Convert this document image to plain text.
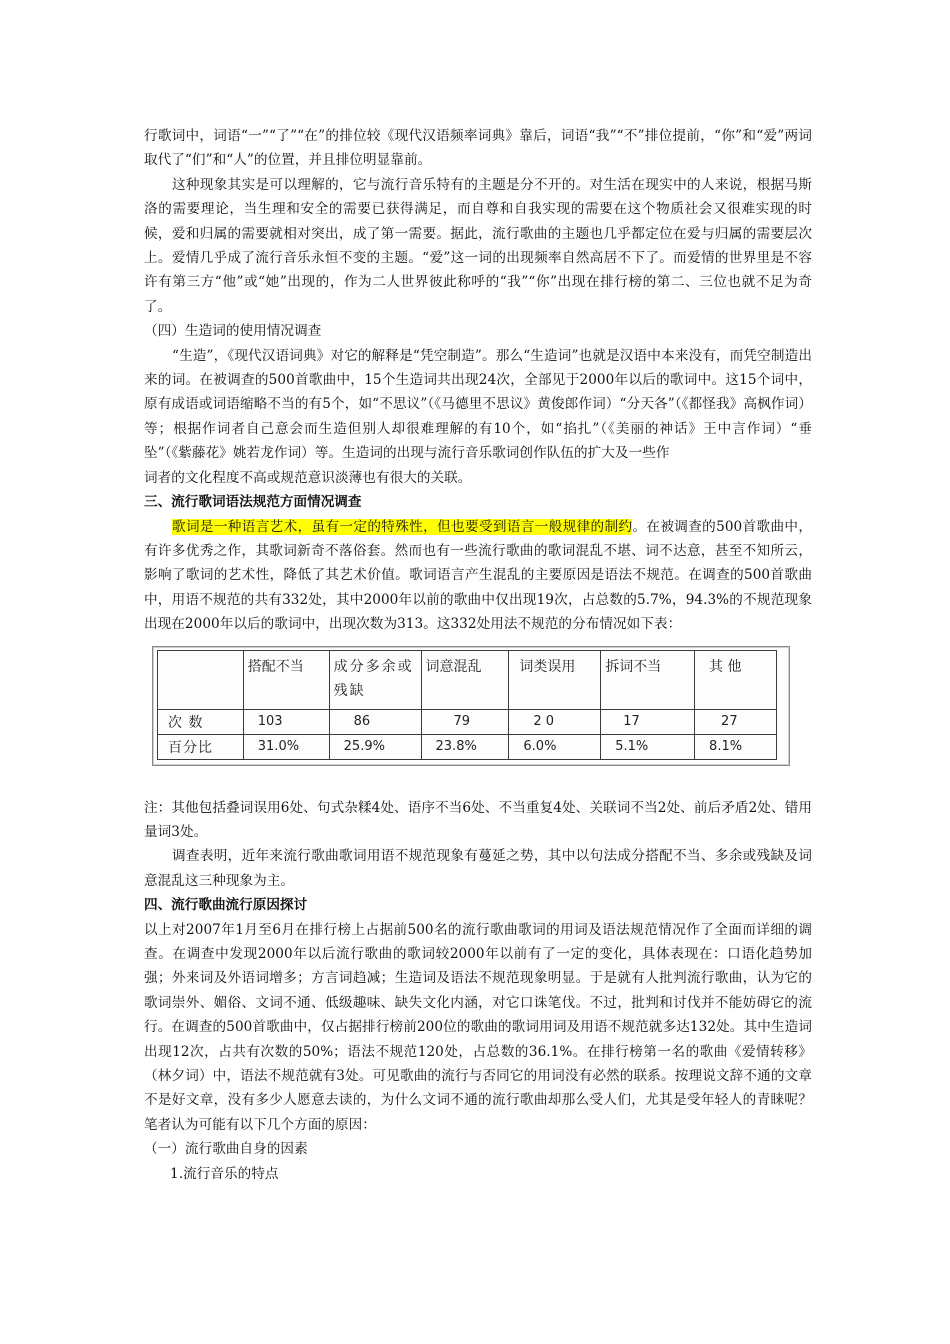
行歌词中，词语“一”“了”“在”的排位较《现代汉语频率词典》靠后，词语“我”“不”排位提前，“你”和“爱”两词取代了“们”和“人”的位置，并且排位明显靠前。

这种现象其实是可以理解的，它与流行音乐特有的主题是分不开的。对生活在现实中的人来说，根据马斯洛的需要理论，当生理和安全的需要已获得满足，而自尊和自我实现的需要在这个物质社会又很难实现的时候，爱和归属的需要就相对突出，成了第一需要。据此，流行歌曲的主题也几乎都定位在爱与归属的需要层次上。爱情几乎成了流行音乐永恒不变的主题。“爱”这一词的出现频率自然高居不下了。而爱情的世界里是不容许有第三方“他”或“她”出现的，作为二人世界彼此称呼的“我”“你”出现在排行榜的第二、三位也就不足为奇了。

（四）生造词的使用情况调查

“生造”，《现代汉语词典》对它的解释是“凭空制造”。那么“生造词”也就是汉语中本来没有，而凭空制造出来的词。在被调查的500首歌曲中，15个生造词共出现24次，全部见于2000年以后的歌词中。这15个词中，原有成语或词语缩略不当的有5个，如“不思议”（《马德里不思议》黄俊郎作词）“分天各”（《都怪我》高枫作词）等；根据作词者自己意会而生造但别人却很难理解的有10个，如“掐扎”（《美丽的神话》王中言作词）“垂坠”（《紫藤花》姚若龙作词）等。生造词的出现与流行音乐歌词创作队伍的扩大及一些作

词者的文化程度不高或规范意识淡薄也有很大的关联。

三、流行歌词语法规范方面情况调查

歌词是一种语言艺术，虽有一定的特殊性，但也要受到语言一般规律的制约。在被调查的500首歌曲中，有许多优秀之作，其歌词新奇不落俗套。然而也有一些流行歌曲的歌词混乱不堪、词不达意，甚至不知所云，影响了歌词的艺术性，降低了其艺术价值。歌词语言产生混乱的主要原因是语法不规范。在调查的500首歌曲中，用语不规范的共有332处，其中2000年以前的歌曲中仅出现19次，占总数的5.7%，94.3%的不规范现象出现在2000年以后的歌词中，出现次数为313。这332处用法不规范的分布情况如下表：

	搭配不当	成分多余或残缺	词意混乱	词类误用	拆词不当	其 他
次 数	103	86	79	2 0	17	27
百分比	31.0%	25.9%	23.8%	6.0%	5.1%	8.1%

注：其他包括叠词误用6处、句式杂糅4处、语序不当6处、不当重复4处、关联词不当2处、前后矛盾2处、错用量词3处。

调查表明，近年来流行歌曲歌词用语不规范现象有蔓延之势，其中以句法成分搭配不当、多余或残缺及词意混乱这三种现象为主。

四、流行歌曲流行原因探讨

以上对2007年1月至6月在排行榜上占据前500名的流行歌曲歌词的用词及语法规范情况作了全面而详细的调查。在调查中发现2000年以后流行歌曲的歌词较2000年以前有了一定的变化，具体表现在：口语化趋势加强；外来词及外语词增多；方言词趋减；生造词及语法不规范现象明显。于是就有人批判流行歌曲，认为它的歌词崇外、媚俗、文词不通、低级趣味、缺失文化内涵，对它口诛笔伐。不过，批判和讨伐并不能妨碍它的流行。在调查的500首歌曲中，仅占据排行榜前200位的歌曲的歌词用词及用语不规范就多达132处。其中生造词出现12次，占共有次数的50%；语法不规范120处，占总数的36.1%。在排行榜第一名的歌曲《爱情转移》（林夕词）中，语法不规范就有3处。可见歌曲的流行与否同它的用词没有必然的联系。按理说文辞不通的文章不是好文章，没有多少人愿意去读的，为什么文词不通的流行歌曲却那么受人们，尤其是受年轻人的青睐呢？笔者认为可能有以下几个方面的原因：

（一）流行歌曲自身的因素

1.流行音乐的特点
